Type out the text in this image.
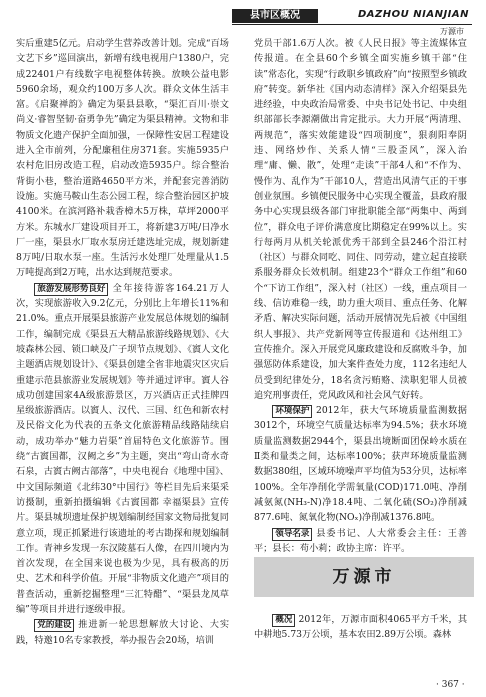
县市区概况	DAZHOU NIANJIAN
万源市

实后重建5亿元。启动学生营养改善计划。完成“百场文艺下乡”巡回演出，新增有线电视用户1380户，完成22401户有线数字电视整体转换。放映公益电影5960余场，观众约100万多人次。群众文体生活丰富。《启聚禅韵》确定为渠县县歌，“渠汇百川·崇文尚义·睿智坚韧·奋勇争先”确定为渠县精神。文物和非物质文化遗产保护全面加强，一保障性安居工程建设进入全市前列，分配廉租住房371套。实施5935户农村危旧房改造工程，启动改造5935户。综合整治背街小巷，整治道路4650平方米，并配套完善消防设施。实施马鞍山生态公园工程，综合整治园区护坡4100米。在滨河路补栽香樟木5万株，草坪2000平方米。东城水厂建设项目开工，将新建3万吨/日净水厂一座，渠县水厂取水泵房迁建选址完成，规划新建8万吨/日取水泵一座。生活污水处理厂处理量从1.5万吨提高到2万吨，出水达到规范要求。

旅游发展形势良好 全年接待游客164.21万人次，实现旅游收入9.2亿元，分别比上年增长11%和21.0%。重点开展渠县旅游产业发展总体规划的编制工作，编制完成《渠县五大精品旅游线路规划》、《大坡森林公园、锁口峡及广子坝节点规划》、《賨人文化主题酒店规划设计》、《渠县创建全省非地震灾区灾后重建示范县旅游业发展规划》等并通过评审。賨人谷成功创建国家4A级旅游景区，万兴酒店正式挂牌四星级旅游酒店。以賨人、汉代、三国、红色和新农村及民俗文化为代表的五条文化旅游精品线路陆续启动，成功举办“魅力岩渠”首届特色文化旅游节。围绕“古賨国都，汉阙之乡”为主题，突出“弯山奇水奇石泉，古賨古阙古部落”，中央电视台《地理中国》、中文国际频道《北纬30°中国行》等栏目先后来渠采访摄制，重新拍摄编辑《古賨国都 幸福渠县》宣传片。渠县城坝遗址保护规划编制经国家文物局批复同意立项，现正抓紧进行该遗址的考古勘探和规划编制工作。青神乡发现一东汉陵墓石人像，在四川境内为首次发现，在全国来说也极为少见，具有极高的历史、艺术和科学价值。开展“非物质文化遗产”项目的普查活动，重新挖掘整理“三汇特醋”、“渠县龙凤草编”等项目并进行逐级申报。

党的建设 推进新一轮思想解放大讨论、大实践，特邀10名专家教授，举办报告会20场，培训

党员干部1.6万人次。被《人民日报》等主流媒体宣传报道。在全县60个乡镇全面实施乡镇干部“住读”常态化，实现“行政职乡镇政府”向“按照型乡镇政府”转变。新华社《国内动态清样》深入介绍渠县先进经验，中央政治局常委、中央书记处书记、中央组织部部长李源潮做出肯定批示。大力开展“两清理、两规范”，落实效能建设“四项制度”，狠刹阳奉阴违、网络炒作、关系人情“三股歪风”，深入治理“庸、懒、散”，处理“走读”干部4人和“不作为、慢作为、乱作为”干部10人，营造出风清气正的干事创业氛围。乡镇便民服务中心实现全覆盖，县政府服务中心实现县级各部门审批职能全部“两集中、两到位”，群众电子评价满意度比期稳定在99%以上。实行每两月从机关轮派优秀干部到全县246个沿江村（社区）与群众同吃、同住、同劳动，建立起直接联系服务群众长效机制。组建23个“群众工作组”和60个“下访工作组”，深入村（社区）一线，重点项目一线、信访难稳一线，助力重大项目、重点任务、化解矛盾、解决实际问题，活动开展情况先后被《中国组织人事报》、共产党新网等宣传报道和《达州组工》宣传推介。深入开展党风廉政建设和反腐败斗争，加强惩防体系建设，加大案件查处力度，112名违纪人员受到纪律处分，18名贪污贿赂、渎职犯罪人员被追究刑事责任，党风政风和社会风气好转。

环境保护 2012年，获大气环境质量监测数据3012个，环境空气质量达标率为94.5%；获水环境质量监测数据2944个，渠县出境断面团保岭水质在Ⅱ类和量类之间，达标率100%；获声环境质量监测数据380组，区域环境噪声平均值为53分贝，达标率100%。全年净削化学需氧量(COD)171.0吨、净削减氨氮(NH₃-N)净18.4吨、二氧化硫(SO₂)净削减877.6吨、氮氧化物(NOₓ)净削减1376.8吨。

领导名录 县委书记、人大常委会主任：王善平；县长：苟小莉；政协主席：许平。

万源市

概况 2012年，万源市面积4065平方千米，其中耕地5.73万公顷，基本农田2.89万公顷。森林

· 367 ·
